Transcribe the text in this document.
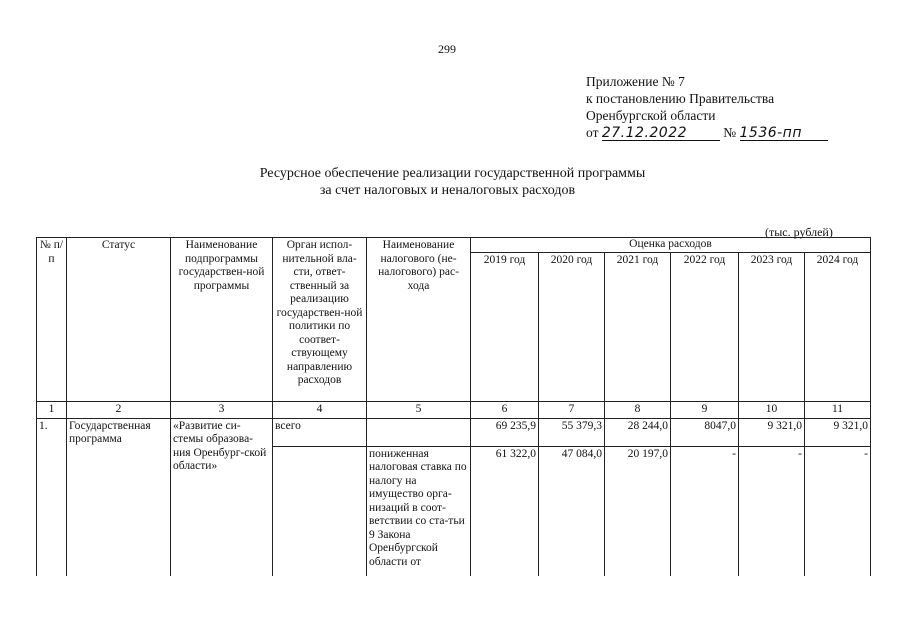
299
Приложение № 7
к постановлению Правительства
Оренбургской области
от 27.12.2022	№ 1536-пп
Ресурсное обеспечение реализации государственной программы
за счет налоговых и неналоговых расходов
(тыс. рублей)
№ п/п	Статус	Наименование подпрограммы государствен-ной программы	Орган испол-нительной вла-сти, ответ-ственный за реализацию государствен-ной политики по соответ-ствующему направлению расходов	Наименование налогового (не-налогового) рас-хода	Оценка расходов					
					2019 год	2020 год	2021 год	2022 год	2023 год	2024 год
1	2	3	4	5	6	7	8	9	10	11
1.	Государственная программа	«Развитие си-стемы образова-ния Оренбург-ской области»	всего		69 235,9	55 379,3	28 244,0	8047,0	9 321,0	9 321,0
				пониженная налоговая ставка по налогу на имущество орга-низаций в соот-ветствии со ста-тьи 9 Закона Оренбургской области от	61 322,0	47 084,0	20 197,0	-	-	-
